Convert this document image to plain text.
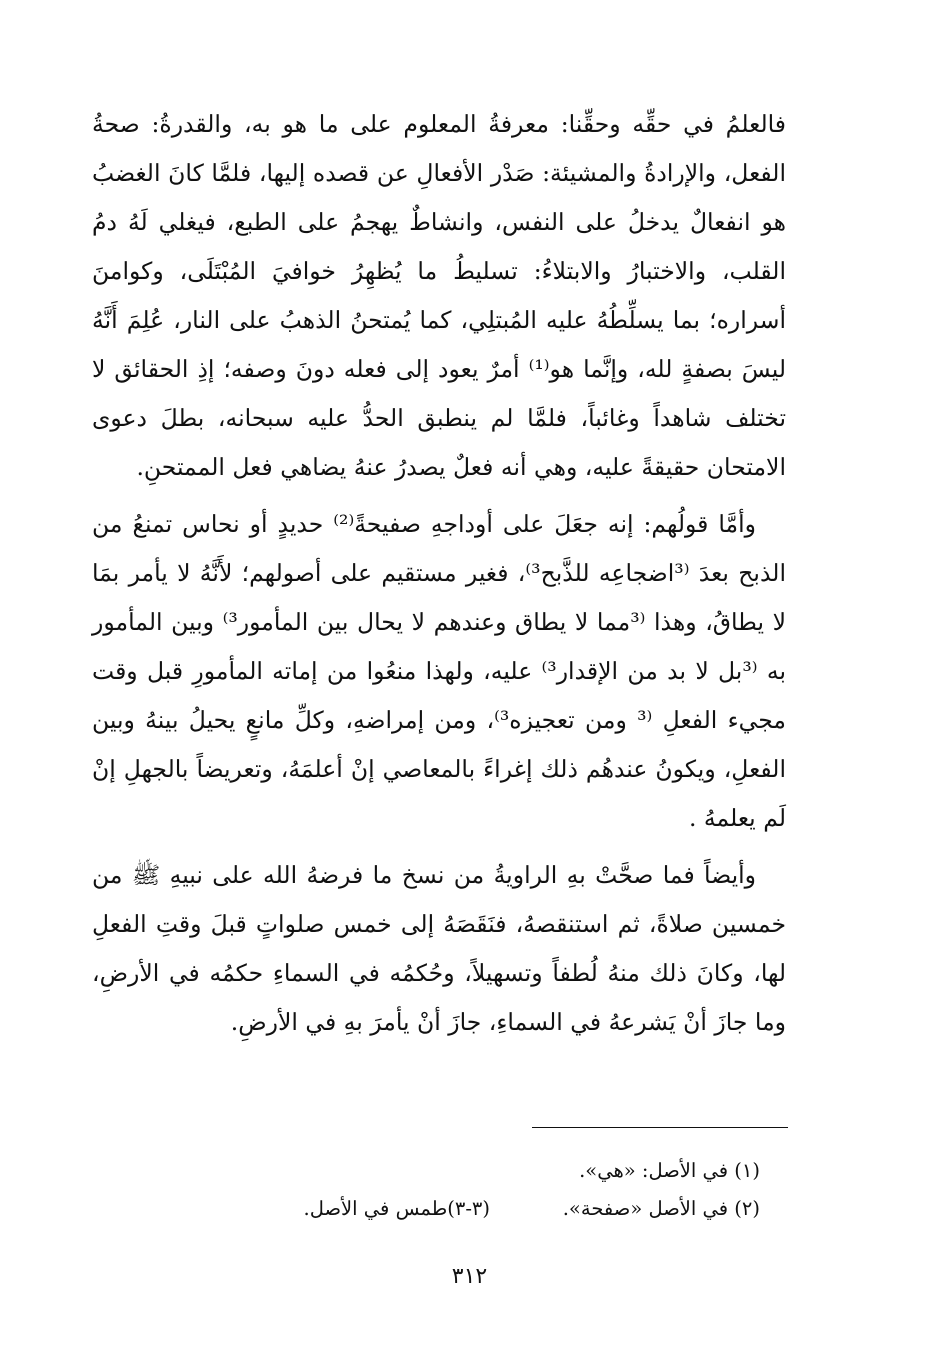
فالعلمُ في حقِّه وحقِّنا: معرفةُ المعلوم على ما هو به، والقدرةُ: صحةُ الفعل، والإرادةُ والمشيئة: صَدْر الأفعالِ عن قصده إليها، فلمَّا كانَ الغضبُ هو انفعالٌ يدخلُ على النفس، وانشاطٌ يهجمُ على الطبع، فيغلي لَهُ دمُ القلب، والاختبارُ والابتلاءُ: تسليطُ ما يُظهِرُ خوافيَ المُبْتَلَى، وكوامنَ أسراره؛ بما يسلِّطُهُ عليه المُبتلِي، كما يُمتحنُ الذهبُ على النار، عُلِمَ أَنَّهُ ليسَ بصفةٍ لله، وإنَّما هو⁽¹⁾ أمرٌ يعود إلى فعله دونَ وصفه؛ إذِ الحقائق لا تختلف شاهداً وغائباً، فلمَّا لم ينطبق الحدُّ عليه سبحانه، بطلَ دعوى الامتحان حقيقةً عليه، وهي أنه فعلٌ يصدرُ عنهُ يضاهي فعل الممتحنِ.

وأمَّا قولُهم: إنه جعَلَ على أوداجهِ صفيحةً⁽²⁾ حديدٍ أو نحاس تمنعُ من الذبح بعدَ ⁽³اضجاعِه للذَّبح³⁾، فغير مستقيم على أصولهم؛ لأَنَّهُ لا يأمر بمَا لا يطاقُ، وهذا ⁽³مما لا يطاق وعندهم لا يحال بين المأمور³⁾ وبين المأمور به ⁽³بل لا بد من الإقدار³⁾ عليه، ولهذا منعُوا من إماته المأمورِ قبل وقت مجيء الفعلِ ⁽³ ومن تعجيزه³⁾، ومن إمراضهِ، وكلِّ مانعٍ يحيلُ بينهُ وبين الفعلِ، ويكونُ عندهُم ذلك إغراءً بالمعاصي إنْ أعلمَهُ، وتعريضاً بالجهلِ إنْ لَم يعلمهُ .

وأيضاً فما صحَّتْ بهِ الراويةُ من نسخ ما فرضهُ الله على نبيهِ ﷺ من خمسين صلاةً، ثم استنقصهُ، فنَقَصَهُ إلى خمس صلواتٍ قبلَ وقتِ الفعلِ لها، وكانَ ذلك منهُ لُطفاً وتسهيلاً، وحُكمُه في السماءِ حكمُه في الأرضِ، وما جازَ أنْ يَشرعهُ في السماءِ، جازَ أنْ يأمرَ بهِ في الأرضِ.

(١) في الأصل: «هي».
(٢) في الأصل «صفحة».
(٣-٣)طمس في الأصل.
٣١٢
